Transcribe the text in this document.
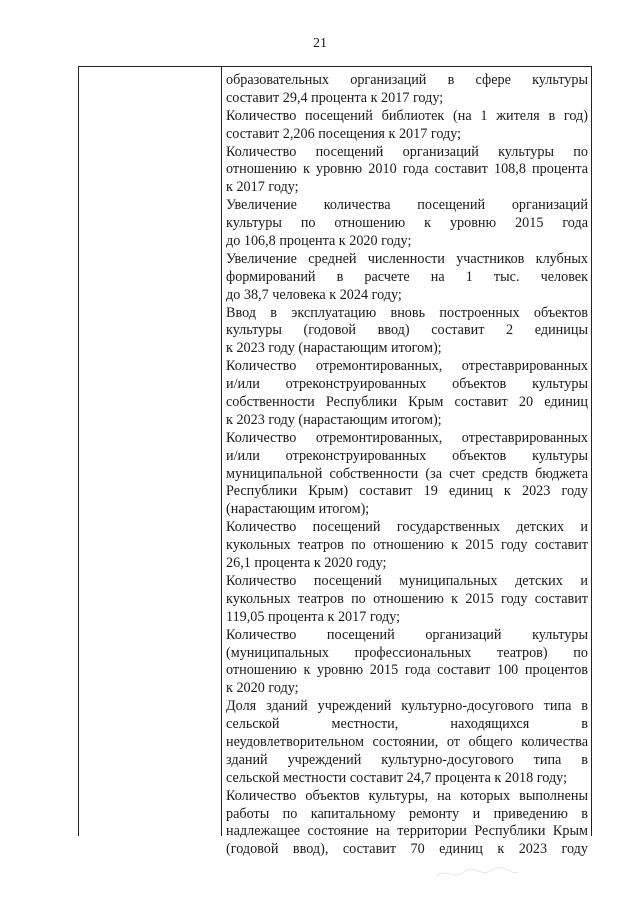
21
образовательных организаций в сфере культуры
составит 29,4 процента к 2017 году;
Количество посещений библиотек (на 1 жителя в год)
составит 2,206 посещения к 2017 году;
Количество посещений организаций культуры по
отношению к уровню 2010 года составит 108,8 процента
к 2017 году;
Увеличение количества посещений организаций
культуры по отношению к уровню 2015 года
до 106,8 процента к 2020 году;
Увеличение средней численности участников клубных
формирований в расчете на 1 тыс. человек
до 38,7 человека к 2024 году;
Ввод в эксплуатацию вновь построенных объектов
культуры (годовой ввод) составит 2 единицы
к 2023 году (нарастающим итогом);
Количество отремонтированных, отреставрированных
и/или отреконструированных объектов культуры
собственности Республики Крым составит 20 единиц
к 2023 году (нарастающим итогом);
Количество отремонтированных, отреставрированных
и/или отреконструированных объектов культуры
муниципальной собственности (за счет средств бюджета
Республики Крым) составит 19 единиц к 2023 году
(нарастающим итогом);
Количество посещений государственных детских и
кукольных театров по отношению к 2015 году составит
26,1 процента к 2020 году;
Количество посещений муниципальных детских и
кукольных театров по отношению к 2015 году составит
119,05 процента к 2017 году;
Количество посещений организаций культуры
(муниципальных профессиональных театров) по
отношению к уровню 2015 года составит 100 процентов
к 2020 году;
Доля зданий учреждений культурно-досугового типа в
сельской местности, находящихся в
неудовлетворительном состоянии, от общего количества
зданий учреждений культурно-досугового типа в
сельской местности составит 24,7 процента к 2018 году;
Количество объектов культуры, на которых выполнены
работы по капитальному ремонту и приведению в
надлежащее состояние на территории Республики Крым
(годовой ввод), составит 70 единиц к 2023 году
